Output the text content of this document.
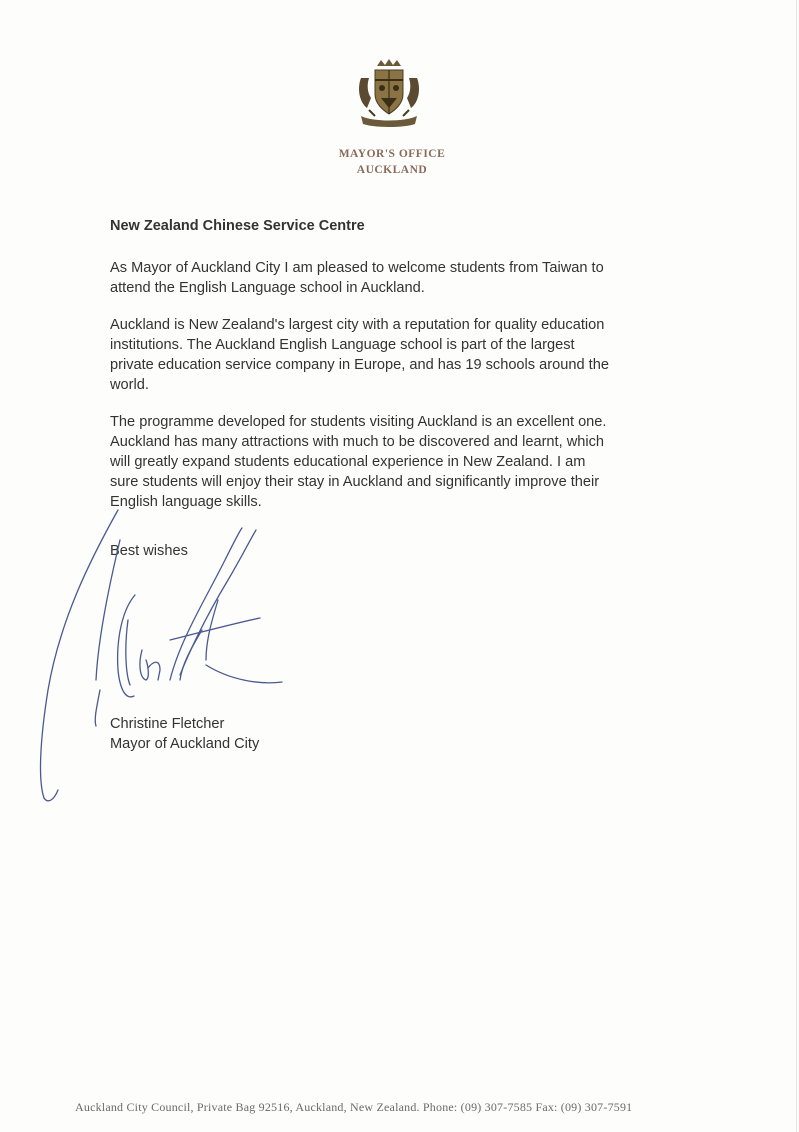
MAYOR'S OFFICE
AUCKLAND
New Zealand Chinese Service Centre
As Mayor of Auckland City I am pleased to welcome students from Taiwan to
attend the English Language school in Auckland.
Auckland is New Zealand's largest city with a reputation for quality education
institutions. The Auckland English Language school is part of the largest
private education service company in Europe, and has 19 schools around the
world.
The programme developed for students visiting Auckland is an excellent one.
Auckland has many attractions with much to be discovered and learnt, which
will greatly expand students educational experience in New Zealand. I am
sure students will enjoy their stay in Auckland and significantly improve their
English language skills.
Best wishes
Christine Fletcher
Mayor of Auckland City
Auckland City Council, Private Bag 92516, Auckland, New Zealand. Phone: (09) 307-7585 Fax: (09) 307-7591
